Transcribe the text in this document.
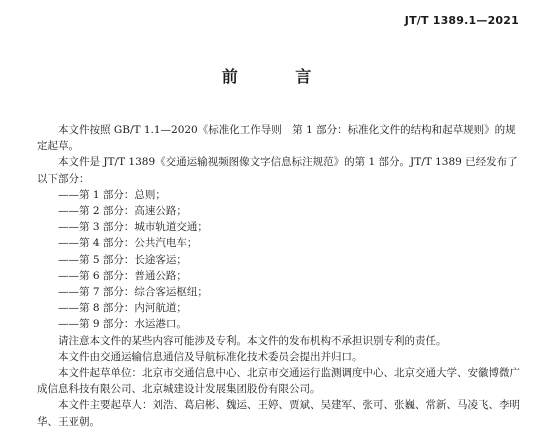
JT/T 1389.1—2021
前 言

本文件按照 GB/T 1.1—2020《标准化工作导则　第 1 部分：标准化文件的结构和起草规则》的规定起草。

本文件是 JT/T 1389《交通运输视频图像文字信息标注规范》的第 1 部分。JT/T 1389 已经发布了以下部分：

——第 1 部分：总则；

——第 2 部分：高速公路；

——第 3 部分：城市轨道交通；

——第 4 部分：公共汽电车；

——第 5 部分：长途客运；

——第 6 部分：普通公路；

——第 7 部分：综合客运枢纽；

——第 8 部分：内河航道；

——第 9 部分：水运港口。

请注意本文件的某些内容可能涉及专利。本文件的发布机构不承担识别专利的责任。

本文件由交通运输信息通信及导航标准化技术委员会提出并归口。

本文件起草单位：北京市交通信息中心、北京市交通运行监测调度中心、北京交通大学、安徽博微广成信息科技有限公司、北京城建设计发展集团股份有限公司。

本文件主要起草人：刘浩、葛启彬、魏运、王婷、贾斌、吴建军、张可、张巍、常新、马凌飞、李明华、王亚朝。
